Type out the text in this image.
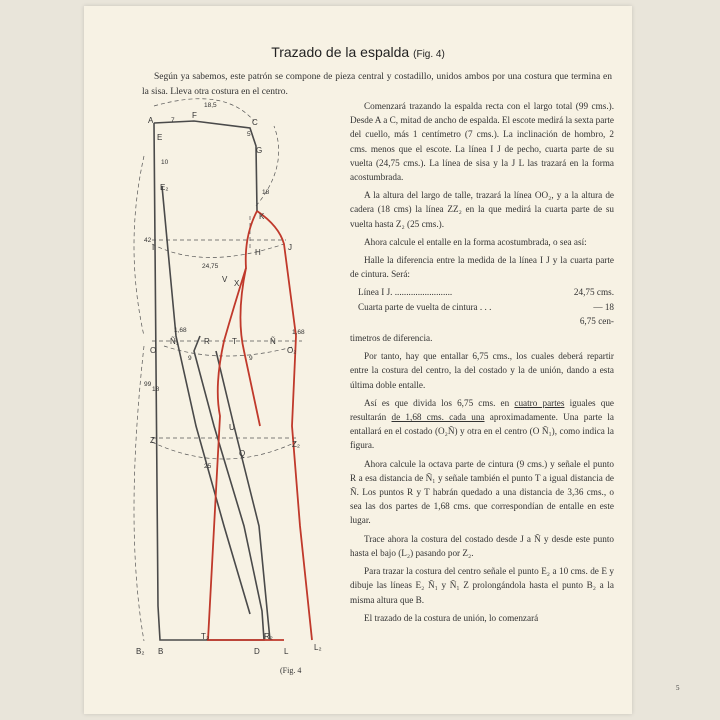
Trazado de la espalda (Fig. 4)

Según ya sabemos, este patrón se compone de pieza central y costadillo, unidos ambos por una costura que termina en la sisa. Lleva otra costura en el centro.

A
F
C
E
G
E₂
K
I
H
J
V X
Ñ₁	R	T	Ñ
O	O₂
U
Z
Q
Z₂
B₂ B
T₂	R₂
D	L	L₂
18,5
7
5
10
18
42
24,75
1,68	1,68
9	9
99
18
25
(Fig. 4

Comenzará trazando la espalda recta con el largo total (99 cms.). Desde A a C, mitad de ancho de espalda. El escote medirá la sexta parte del cuello, más 1 centímetro (7 cms.). La inclinación de hombro, 2 cms. menos que el escote. La línea I J de pecho, cuarta parte de su vuelta (24,75 cms.). La línea de sisa y la J L las trazará en la forma acostumbrada.

A la altura del largo de talle, trazará la línea OO₂, y a la altura de cadera (18 cms) la línea ZZ₂ en la que medirá la cuarta parte de su vuelta hasta Z₂ (25 cms.).

Ahora calcule el entalle en la forma acostumbrada, o sea así:

Halle la diferencia entre la medida de la línea I J y la cuarta parte de cintura. Será:

Línea I J. .........................	24,75 cms.
Cuarta parte de vuelta de cintura . . .	— 18
6,75 cen-

timetros de diferencia.

Por tanto, hay que entallar 6,75 cms., los cuales deberá repartir entre la costura del centro, la del costado y la de unión, dando a esta última doble entalle.

Así es que divida los 6,75 cms. en cuatro partes iguales que resultarán de 1,68 cms. cada una aproximadamente. Una parte la entallará en el costado (O₂Ñ) y otra en el centro (O Ñ₁), como indica la figura.

Ahora calcule la octava parte de cintura (9 cms.) y señale el punto R a esa distancia de Ñ₁ y señale también el punto T a igual distancia de Ñ. Los puntos R y T habrán quedado a una distancia de 3,36 cms., o sea las dos partes de 1,68 cms. que correspondían de entalle en este lugar.

Trace ahora la costura del costado desde J a Ñ y desde este punto hasta el bajo (L₂) pasando por Z₂.

Para trazar la costura del centro señale el punto E₂ a 10 cms. de E y dibuje las líneas E₂ Ñ₁ y Ñ₁ Z prolongándola hasta el punto B₂ a la misma altura que B.

El trazado de la costura de unión, lo comenzará

5
